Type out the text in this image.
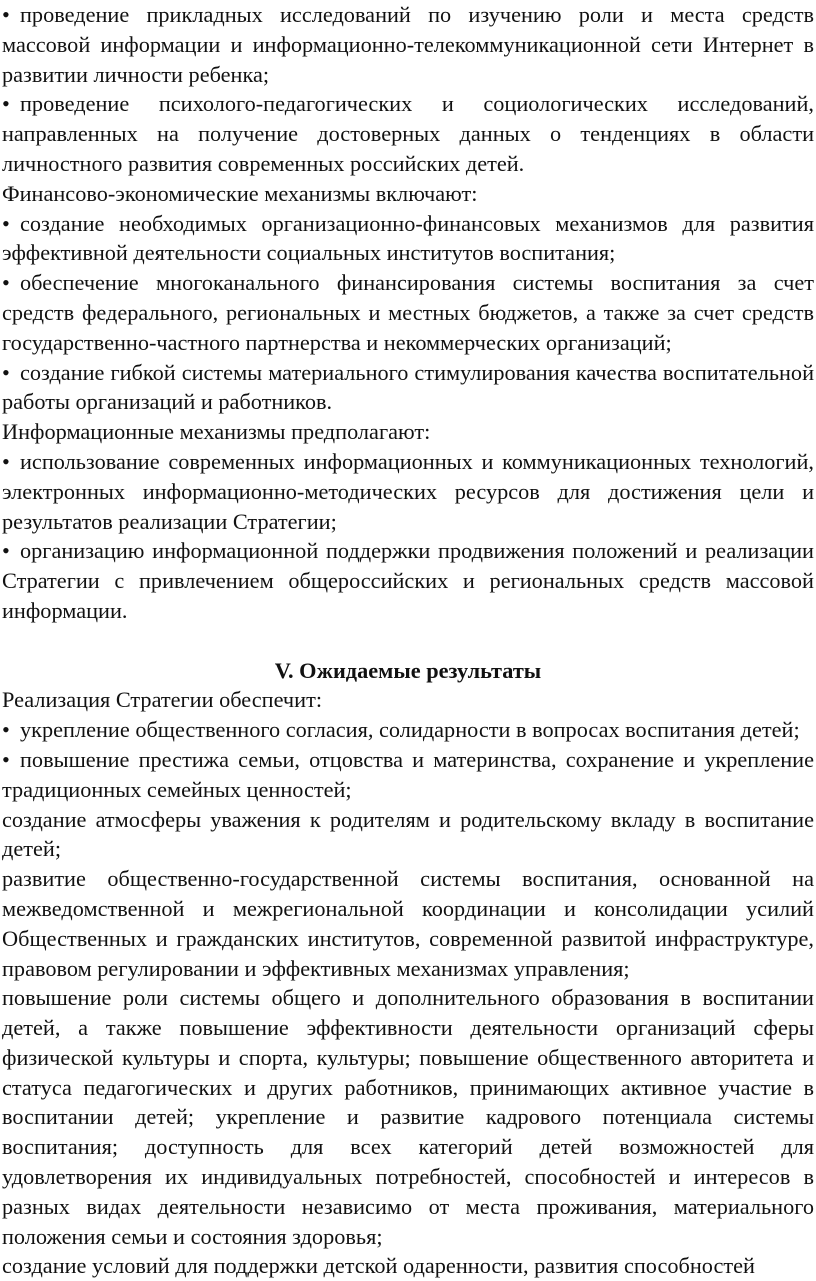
• проведение прикладных исследований по изучению роли и места средств массовой информации и информационно-телекоммуникационной сети Интернет в развитии личности ребенка;

• проведение психолого-педагогических и социологических исследований, направленных на получение достоверных данных о тенденциях в области личностного развития современных российских детей.

Финансово-экономические механизмы включают:

• создание необходимых организационно-финансовых механизмов для развития эффективной деятельности социальных институтов воспитания;

• обеспечение многоканального финансирования системы воспитания за счет средств федерального, региональных и местных бюджетов, а также за счет средств государственно-частного партнерства и некоммерческих организаций;

• создание гибкой системы материального стимулирования качества воспитательной работы организаций и работников.

Информационные механизмы предполагают:

• использование современных информационных и коммуникационных технологий, электронных информационно-методических ресурсов для достижения цели и результатов реализации Стратегии;

• организацию информационной поддержки продвижения положений и реализации Стратегии с привлечением общероссийских и региональных средств массовой информации.

V. Ожидаемые результаты

Реализация Стратегии обеспечит:

• укрепление общественного согласия, солидарности в вопросах воспитания детей;

• повышение престижа семьи, отцовства и материнства, сохранение и укрепление традиционных семейных ценностей;

создание атмосферы уважения к родителям и родительскому вкладу в воспитание детей;

развитие общественно-государственной системы воспитания, основанной на межведомственной и межрегиональной координации и консолидации усилий Общественных и гражданских институтов, современной развитой инфраструктуре, правовом регулировании и эффективных механизмах управления;

повышение роли системы общего и дополнительного образования в воспитании детей, а также повышение эффективности деятельности организаций сферы физической культуры и спорта, культуры; повышение общественного авторитета и статуса педагогических и других работников, принимающих активное участие в воспитании детей; укрепление и развитие кадрового потенциала системы воспитания; доступность для всех категорий детей возможностей для удовлетворения их индивидуальных потребностей, способностей и интересов в разных видах деятельности независимо от места проживания, материального положения семьи и состояния здоровья;

создание условий для поддержки детской одаренности, развития способностей
